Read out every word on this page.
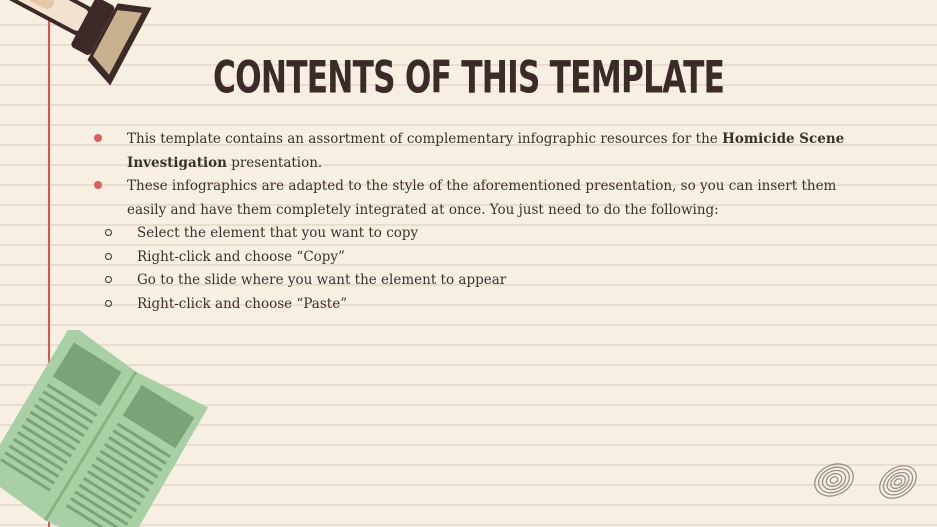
CONTENTS OF THIS TEMPLATE
This template contains an assortment of complementary infographic resources for the Homicide Scene Investigation presentation.
These infographics are adapted to the style of the aforementioned presentation, so you can insert them easily and have them completely integrated at once. You just need to do the following:
Select the element that you want to copy
Right-click and choose “Copy”
Go to the slide where you want the element to appear
Right-click and choose “Paste”
